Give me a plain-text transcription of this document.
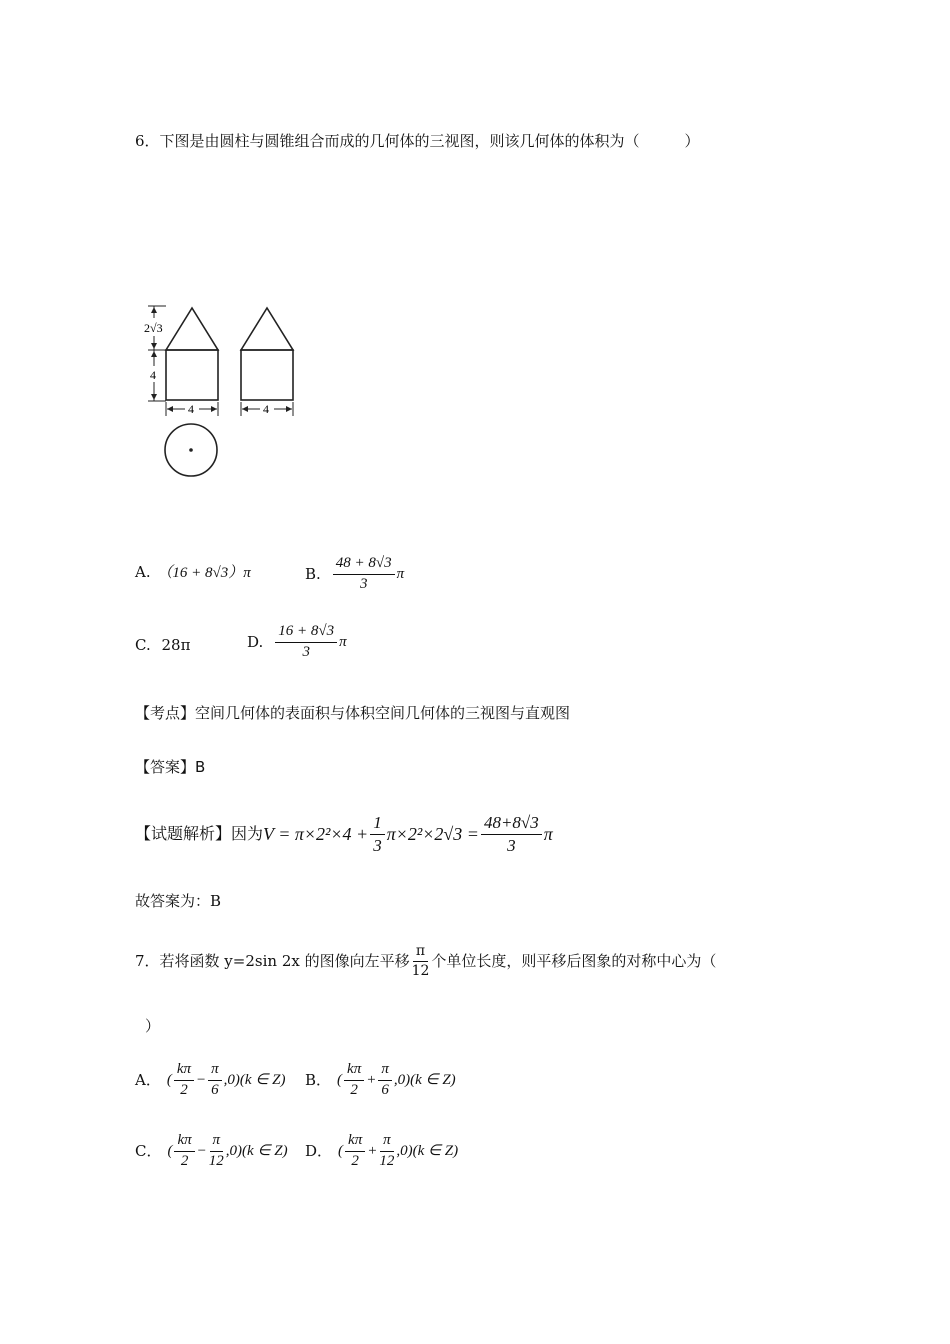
6．下图是由圆柱与圆锥组合而成的几何体的三视图，则该几何体的体积为（　　　）
2√3
4
4	4
A. （16 + 8√3）π	B. $\frac{48 + 8√3}{3}$ π
C. 28π	D. $\frac{16 + 8√3}{3}$ π
【考点】空间几何体的表面积与体积空间几何体的三视图与直观图
【答案】B
【试题解析】 因为 $V = \pi\times 2^2\times 4 + \frac{1}{3} \pi\times 2^2\times 2√3 = \frac{48+8√3}{3}$ π
故答案为：B
7．若将函数 y=2sin 2x 的图像向左平移 $\frac{\pi}{12}$ 个单位长度，则平移后图象的对称中心为（
）
A． ( $\frac{k\pi}{2} - \frac{\pi}{6} ,0)(k$ ∈ Z) B． ( $\frac{k\pi}{2} + \frac{\pi}{6} ,0)(k$ ∈ Z)
C． ( $\frac{k\pi}{2} - \frac{\pi}{12} ,0)(k$ ∈ Z) D． ( $\frac{k\pi}{2} + \frac{\pi}{12} ,0)(k$ ∈ Z)
